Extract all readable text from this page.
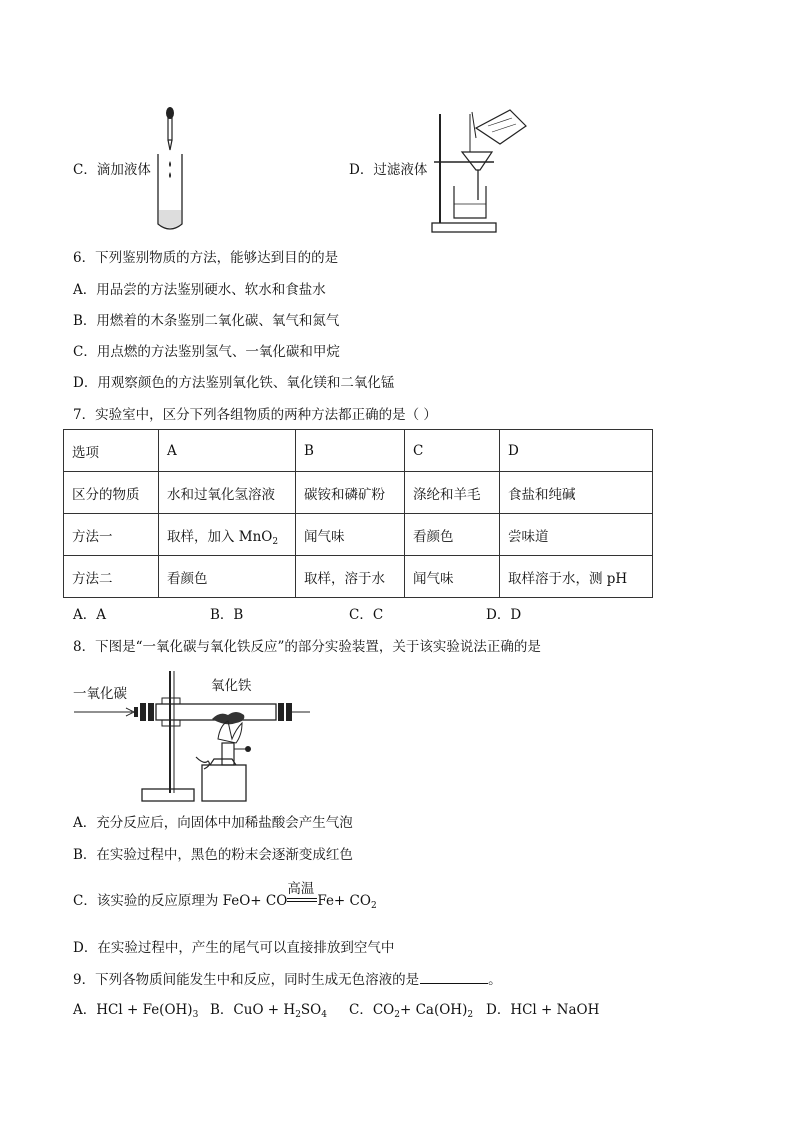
C．滴加液体	D．过滤液体
6．下列鉴别物质的方法，能够达到目的的是
A．用品尝的方法鉴别硬水、软水和食盐水
B．用燃着的木条鉴别二氧化碳、氧气和氮气
C．用点燃的方法鉴别氢气、一氧化碳和甲烷
D．用观察颜色的方法鉴别氧化铁、氧化镁和二氧化锰
7．实验室中，区分下列各组物质的两种方法都正确的是（ ）
选项	A	B	C	D
区分的物质	水和过氧化氢溶液	碳铵和磷矿粉	涤纶和羊毛	食盐和纯碱
方法一	取样，加入 MnO$_2$	闻气味	看颜色	尝味道
方法二	看颜色	取样，溶于水	闻气味	取样溶于水，测 pH
A．A	B．B	C．C	D．D
8．下图是“一氧化碳与氧化铁反应”的部分实验装置，关于该实验说法正确的是
一氧化碳	氧化铁
A．充分反应后，向固体中加稀盐酸会产生气泡
B．在实验过程中，黑色的粉末会逐渐变成红色
C．该实验的反应原理为 FeO+ CO
高温
$Fe+ CO_2$
D．在实验过程中，产生的尾气可以直接排放到空气中
9．下列各物质间能发生中和反应，同时生成无色溶液的是	。
A．HCl + $Fe(OH)_3$ B．CuO + $H_2SO_4$ C．$CO_2+ Ca(OH)_2$ D．HCl + NaOH
